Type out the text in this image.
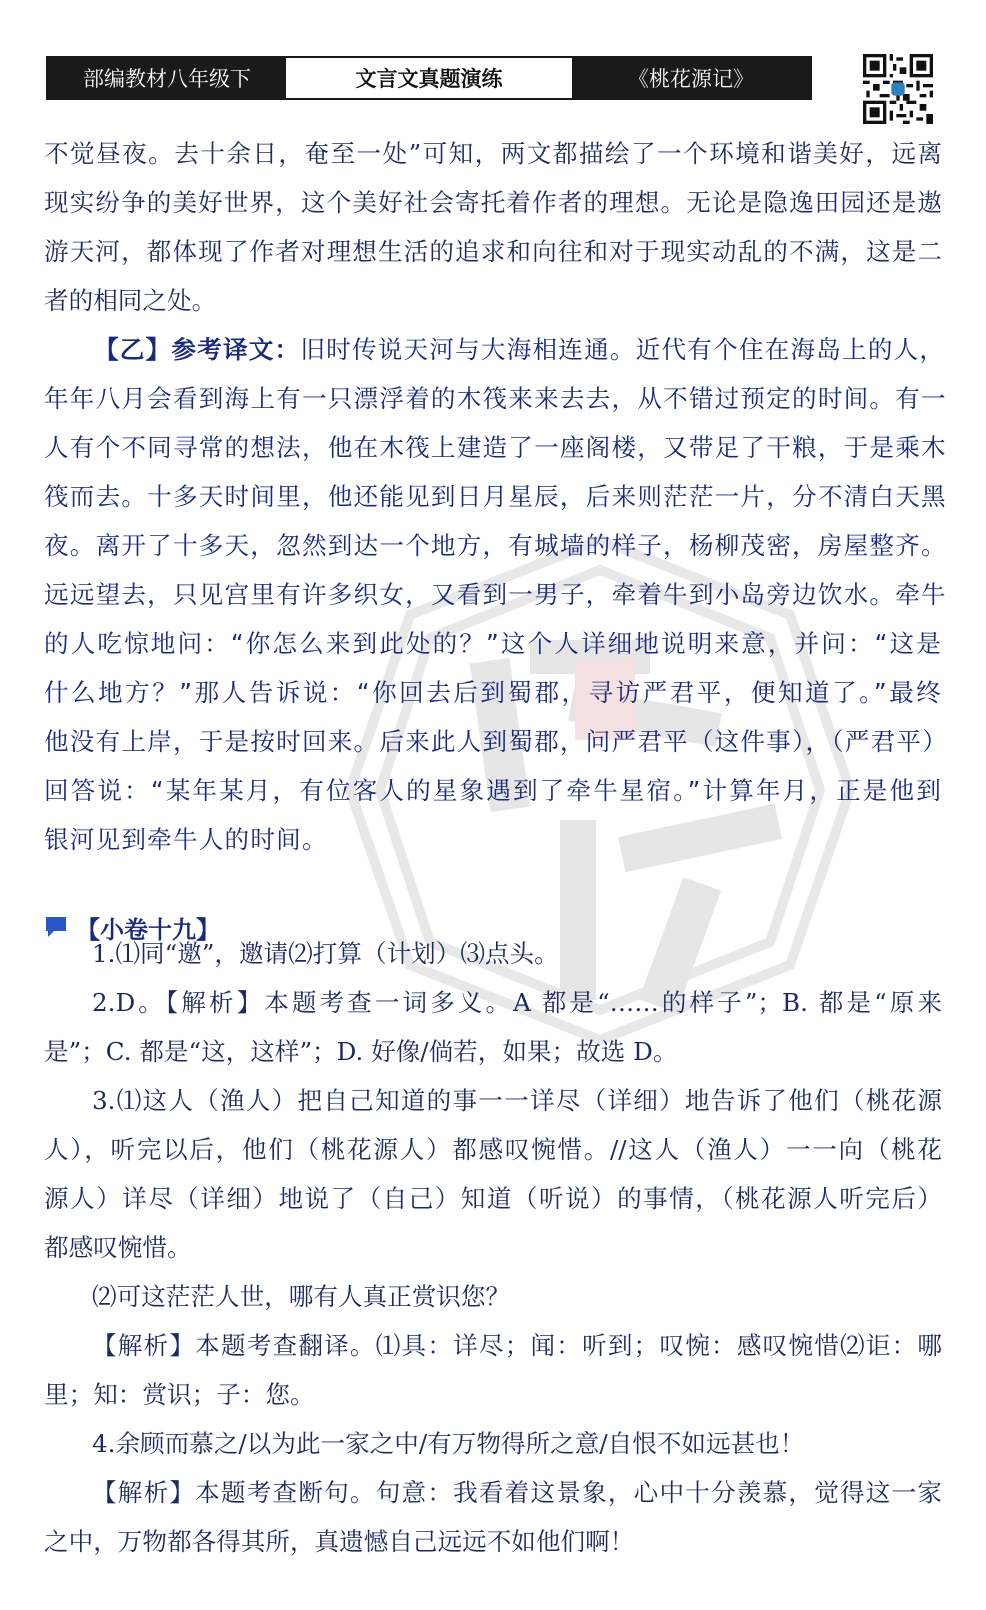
部编教材八年级下	文言文真题演练	《桃花源记》
不觉昼夜。去十余日，奄至一处”可知，两文都描绘了一个环境和谐美好，远离
现实纷争的美好世界，这个美好社会寄托着作者的理想。无论是隐逸田园还是遨
游天河，都体现了作者对理想生活的追求和向往和对于现实动乱的不满，这是二
者的相同之处。
【乙】参考译文： 旧时传说天河与大海相连通。近代有个住在海岛上的人，
年年八月会看到海上有一只漂浮着的木筏来来去去，从不错过预定的时间。有一
人有个不同寻常的想法，他在木筏上建造了一座阁楼，又带足了干粮，于是乘木
筏而去。十多天时间里，他还能见到日月星辰，后来则茫茫一片，分不清白天黑
夜。离开了十多天，忽然到达一个地方，有城墙的样子，杨柳茂密，房屋整齐。
远远望去，只见宫里有许多织女，又看到一男子，牵着牛到小岛旁边饮水。牵牛
的人吃惊地问：“你怎么来到此处的？”这个人详细地说明来意，并问：“这是
什么地方？”那人告诉说：“你回去后到蜀郡，寻访严君平，便知道了。”最终
他没有上岸，于是按时回来。后来此人到蜀郡，问严君平（这件事），（严君平）
回答说：“某年某月，有位客人的星象遇到了牵牛星宿。”计算年月，正是他到
银河见到牵牛人的时间。
【小卷十九】
1.⑴同“邀”，邀请⑵打算（计划）⑶点头。
2.D。【解析】本题考查一词多义。A 都是“……的样子”；B. 都是“原来
是”；C. 都是“这，这样”；D. 好像/倘若，如果；故选 D。
3.⑴这人（渔人）把自己知道的事一一详尽（详细）地告诉了他们（桃花源
人），听完以后，他们（桃花源人）都感叹惋惜。//这人（渔人）一一向（桃花
源人）详尽（详细）地说了（自己）知道（听说）的事情，（桃花源人听完后）
都感叹惋惜。
⑵可这茫茫人世，哪有人真正赏识您？
【解析】本题考查翻译。⑴具：详尽；闻：听到；叹惋：感叹惋惜⑵讵：哪
里；知：赏识；子：您。
4.余顾而慕之/以为此一家之中/有万物得所之意/自恨不如远甚也！
【解析】本题考查断句。句意：我看着这景象，心中十分羡慕，觉得这一家
之中，万物都各得其所，真遗憾自己远远不如他们啊！
